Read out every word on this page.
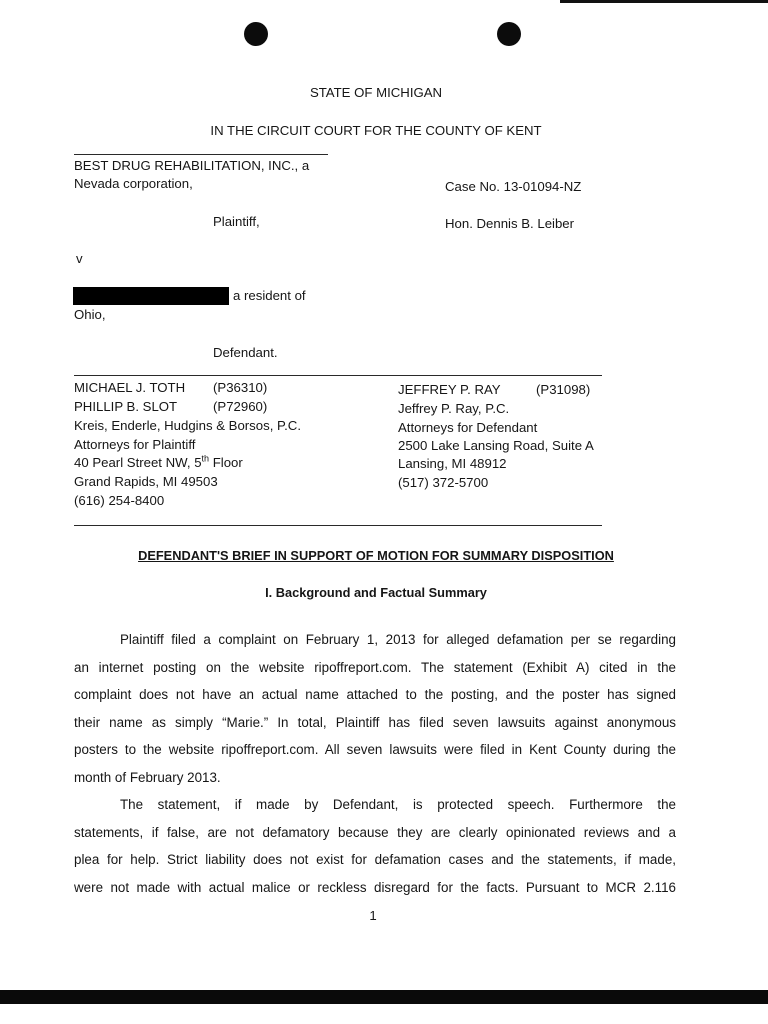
STATE OF MICHIGAN
IN THE CIRCUIT COURT FOR THE COUNTY OF KENT
BEST DRUG REHABILITATION, INC., a
Nevada corporation,	Case No. 13-01094-NZ
Plaintiff,	Hon. Dennis B. Leiber
v
a resident of
Ohio,
Defendant.
MICHAEL J. TOTH (P36310)
PHILLIP B. SLOT	(P72960)
Kreis, Enderle, Hudgins & Borsos, P.C.
Attorneys for Plaintiff
40 Pearl Street NW, 5th Floor
Grand Rapids, MI 49503
(616) 254-8400
JEFFREY P. RAY	(P31098)
Jeffrey P. Ray, P.C.
Attorneys for Defendant
2500 Lake Lansing Road, Suite A
Lansing, MI 48912
(517) 372-5700
DEFENDANT'S BRIEF IN SUPPORT OF MOTION FOR SUMMARY DISPOSITION
I. Background and Factual Summary
Plaintiff filed a complaint on February 1, 2013 for alleged defamation per se regarding
an internet posting on the website ripoffreport.com. The statement (Exhibit A) cited in the
complaint does not have an actual name attached to the posting, and the poster has signed
their name as simply “Marie.” In total, Plaintiff has filed seven lawsuits against anonymous
posters to the website ripoffreport.com. All seven lawsuits were filed in Kent County during the
month of February 2013.
The statement, if made by Defendant, is protected speech. Furthermore the
statements, if false, are not defamatory because they are clearly opinionated reviews and a
plea for help. Strict liability does not exist for defamation cases and the statements, if made,
were not made with actual malice or reckless disregard for the facts. Pursuant to MCR 2.116
1
